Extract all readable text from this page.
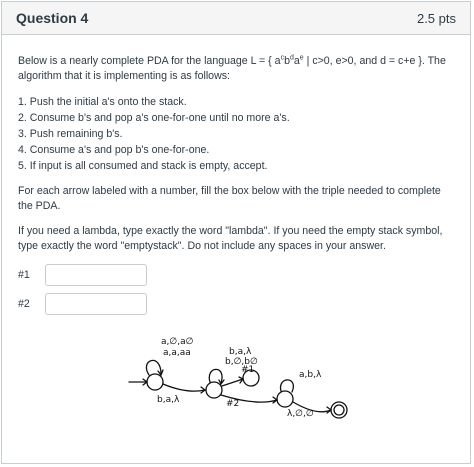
Question 4	2.5 pts

Below is a nearly complete PDA for the language L = { $a^cb^da^e$ | c>0, e>0, and d = c+e }. The algorithm that it is implementing is as follows:

1. Push the initial a's onto the stack.
2. Consume b's and pop a's one-for-one until no more a's.
3. Push remaining b's.
4. Consume a's and pop b's one-for-one.
5. If input is all consumed and stack is empty, accept.

For each arrow labeled with a number, fill the box below with the triple needed to complete the PDA.

If you need a lambda, type exactly the word "lambda". If you need the empty stack symbol, type exactly the word "emptystack". Do not include any spaces in your answer.

#1
#2
a,∅,a∅
a,a,aa	b,a,λ
b,∅,b∅
#1
b,a,λ	#2
a,b,λ
λ,∅,∅
